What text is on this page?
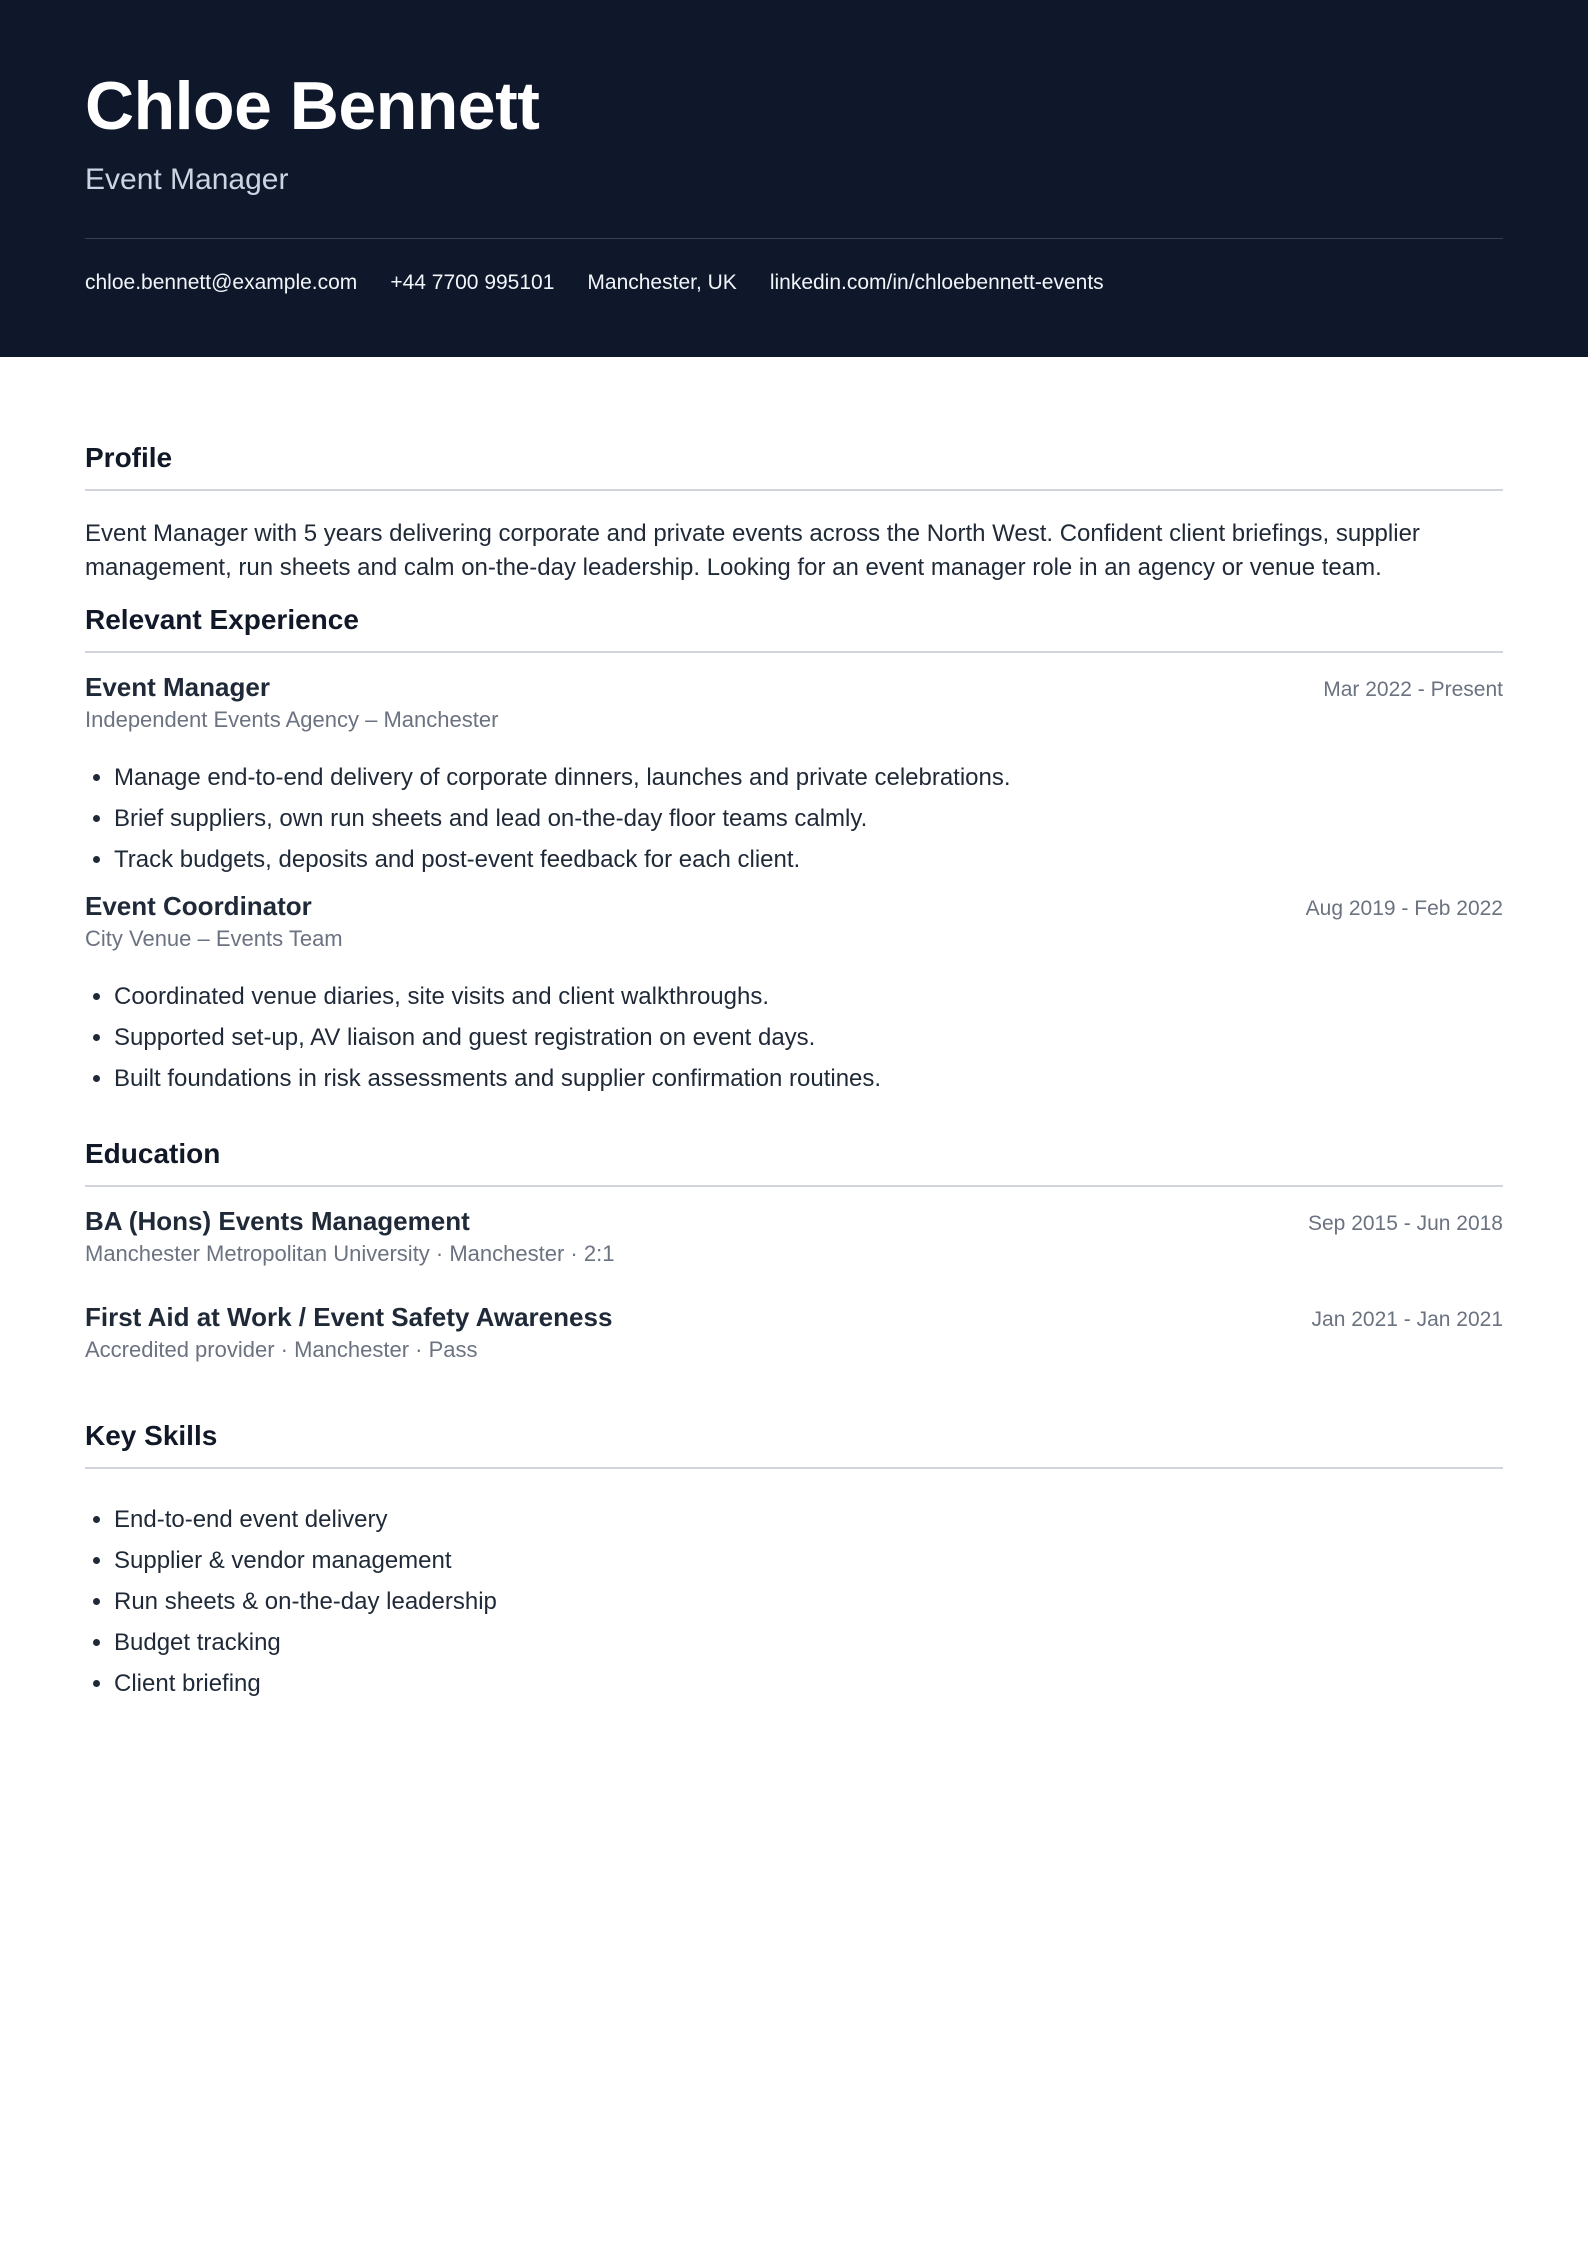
Chloe Bennett
Event Manager
chloe.bennett@example.com +44 7700 995101 Manchester, UK linkedin.com/in/chloebennett-events
Profile
Event Manager with 5 years delivering corporate and private events across the North West. Confident client briefings, supplier management, run sheets and calm on-the-day leadership. Looking for an event manager role in an agency or venue team.
Relevant Experience
Event Manager	Mar 2022 - Present
Independent Events Agency – Manchester
• Manage end-to-end delivery of corporate dinners, launches and private celebrations.
• Brief suppliers, own run sheets and lead on-the-day floor teams calmly.
• Track budgets, deposits and post-event feedback for each client.
Event Coordinator	Aug 2019 - Feb 2022
City Venue – Events Team
• Coordinated venue diaries, site visits and client walkthroughs.
• Supported set-up, AV liaison and guest registration on event days.
• Built foundations in risk assessments and supplier confirmation routines.
Education
BA (Hons) Events Management	Sep 2015 - Jun 2018
Manchester Metropolitan University · Manchester · 2:1
First Aid at Work / Event Safety Awareness	Jan 2021 - Jan 2021
Accredited provider · Manchester · Pass
Key Skills
• End-to-end event delivery
• Supplier & vendor management
• Run sheets & on-the-day leadership
• Budget tracking
• Client briefing
